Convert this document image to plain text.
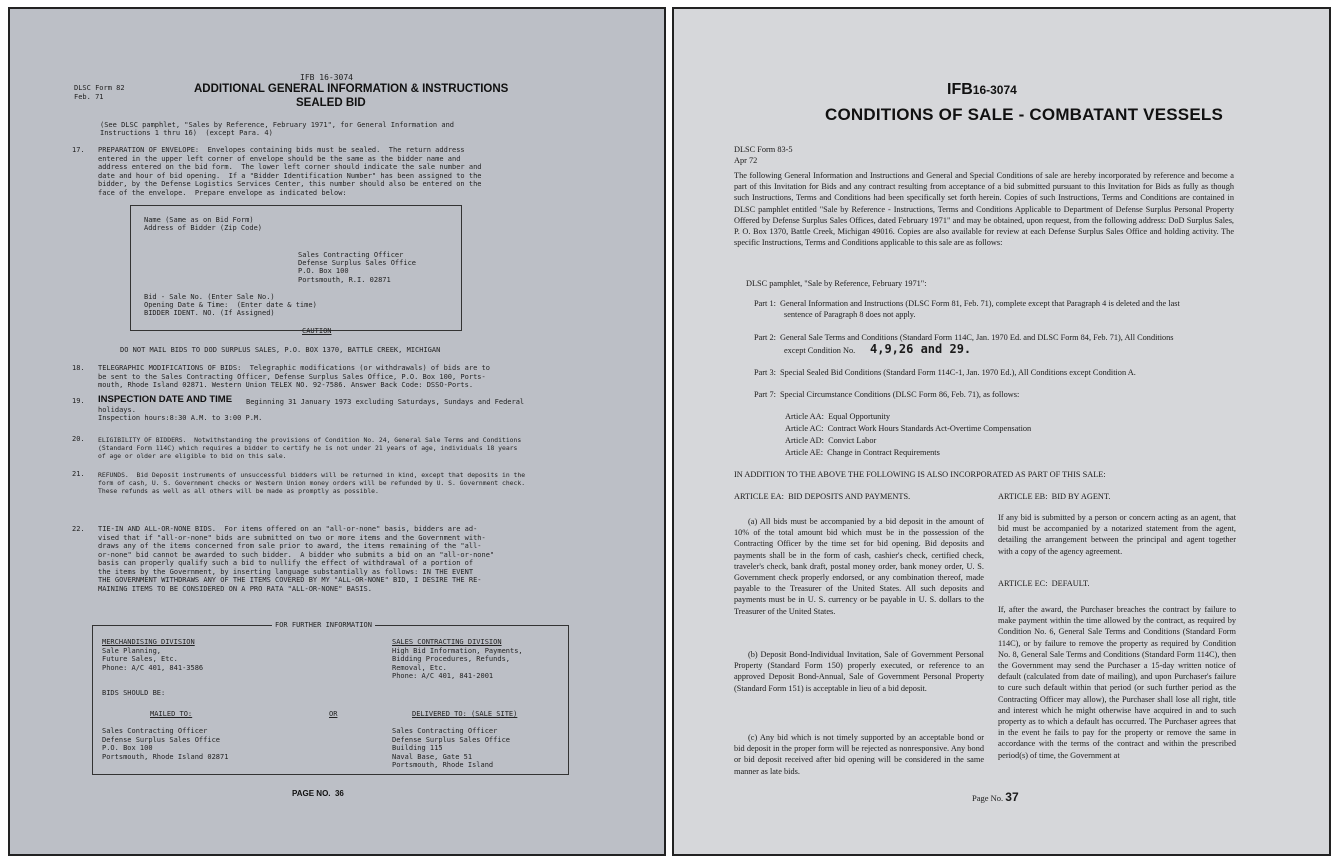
DLSC Form 82
Feb. 71
IFB 16-3074
ADDITIONAL GENERAL INFORMATION & INSTRUCTIONS
SEALED BID
(See DLSC pamphlet, "Sales by Reference, February 1971", for General Information and
Instructions 1 thru 16)  (except Para. 4)
17. PREPARATION OF ENVELOPE:  Envelopes containing bids must be sealed.  The return address
entered in the upper left corner of envelope should be the same as the bidder name and
address entered on the bid form.  The lower left corner should indicate the sale number and
date and hour of bid opening.  If a "Bidder Identification Number" has been assigned to the
bidder, by the Defense Logistics Services Center, this number should also be entered on the
face of the envelope.  Prepare envelope as indicated below:
Name (Same as on Bid Form)
Address of Bidder (Zip Code)
Sales Contracting Officer
Defense Surplus Sales Office
P.O. Box 100
Portsmouth, R.I. 02871
Bid - Sale No. (Enter Sale No.)
Opening Date & Time:  (Enter date & time)
BIDDER IDENT. NO. (If Assigned)
CAUTION
DO NOT MAIL BIDS TO DOD SURPLUS SALES, P.O. BOX 1370, BATTLE CREEK, MICHIGAN
18. TELEGRAPHIC MODIFICATIONS OF BIDS:  Telegraphic modifications (or withdrawals) of bids are to
be sent to the Sales Contracting Officer, Defense Surplus Sales Office, P.O. Box 100, Ports-
mouth, Rhode Island 02871. Western Union TELEX NO. 92-7586. Answer Back Code: DSSO-Ports.
19. INSPECTION DATE AND TIME Beginning 31 January 1973 excluding Saturdays, Sundays and Federal
holidays.
Inspection hours:8:30 A.M. to 3:00 P.M.
20. ELIGIBILITY OF BIDDERS.  Notwithstanding the provisions of Condition No. 24, General Sale Terms and Conditions
(Standard Form 114C) which requires a bidder to certify he is not under 21 years of age, individuals 18 years
of age or older are eligible to bid on this sale.
21. REFUNDS.  Bid Deposit instruments of unsuccessful bidders will be returned in kind, except that deposits in the
form of cash, U. S. Government checks or Western Union money orders will be refunded by U. S. Government check.
These refunds as well as all others will be made as promptly as possible.
22. TIE-IN AND ALL-OR-NONE BIDS.  For items offered on an "all-or-none" basis, bidders are ad-
vised that if "all-or-none" bids are submitted on two or more items and the Government with-
draws any of the items concerned from sale prior to award, the items remaining of the "all-
or-none" bid cannot be awarded to such bidder.  A bidder who submits a bid on an "all-or-none"
basis can properly qualify such a bid to nullify the effect of withdrawal of a portion of
the items by the Government, by inserting language substantially as follows: IN THE EVENT
THE GOVERNMENT WITHDRAWS ANY OF THE ITEMS COVERED BY MY "ALL-OR-NONE" BID, I DESIRE THE RE-
MAINING ITEMS TO BE CONSIDERED ON A PRO RATA "ALL-OR-NONE" BASIS.
FOR FURTHER INFORMATION
MERCHANDISING DIVISION
Sale Planning,
Future Sales, Etc.
Phone: A/C 401, 841-3586
SALES CONTRACTING DIVISION
High Bid Information, Payments,
Bidding Procedures, Refunds,
Removal, Etc.
Phone: A/C 401, 841-2001
BIDS SHOULD BE:
MAILED TO:	OR	DELIVERED TO: (SALE SITE)
Sales Contracting Officer
Defense Surplus Sales Office
P.O. Box 100
Portsmouth, Rhode Island 02871
Sales Contracting Officer
Defense Surplus Sales Office
Building 115
Naval Base, Gate 51
Portsmouth, Rhode Island
PAGE NO.  36
IFB16-3074
CONDITIONS OF SALE - COMBATANT VESSELS
DLSC Form 83-5
Apr 72
The following General Information and Instructions and General and Special Conditions of sale are hereby incorporated by reference and become a part of this Invitation for Bids and any contract resulting from acceptance of a bid submitted pursuant to this Invitation for Bids as fully as though such Instructions, Terms and Conditions had been specifically set forth herein. Copies of such Instructions, Terms and Conditions are contained in DLSC pamphlet entitled "Sale by Reference - Instructions, Terms and Conditions Applicable to Department of Defense Surplus Personal Property Offered by Defense Surplus Sales Offices, dated February 1971" and may be obtained, upon request, from the following address: DoD Surplus Sales, P. O. Box 1370, Battle Creek, Michigan 49016. Copies are also available for review at each Defense Surplus Sales Office and holding activity. The specific Instructions, Terms and Conditions applicable to this sale are as follows:
DLSC pamphlet, "Sale by Reference, February 1971":
Part 1:  General Information and Instructions (DLSC Form 81, Feb. 71), complete except that Paragraph 4 is deleted and the last
sentence of Paragraph 8 does not apply.
Part 2:  General Sale Terms and Conditions (Standard Form 114C, Jan. 1970 Ed. and DLSC Form 84, Feb. 71), All Conditions
except Condition No. 4,9,26 and 29.
Part 3:  Special Sealed Bid Conditions (Standard Form 114C-1, Jan. 1970 Ed.), All Conditions except Condition A.
Part 7:  Special Circumstance Conditions (DLSC Form 86, Feb. 71), as follows:
Article AA:  Equal Opportunity
Article AC:  Contract Work Hours Standards Act-Overtime Compensation
Article AD:  Convict Labor
Article AE:  Change in Contract Requirements
IN ADDITION TO THE ABOVE THE FOLLOWING IS ALSO INCORPORATED AS PART OF THIS SALE:
ARTICLE EA:  BID DEPOSITS AND PAYMENTS.
(a) All bids must be accompanied by a bid deposit in the amount of 10% of the total amount bid which must be in the possession of the Contracting Officer by the time set for bid opening. Bid deposits and payments shall be in the form of cash, cashier's check, certified check, traveler's check, bank draft, postal money order, bank money order, U. S. Government check properly endorsed, or any combination thereof, made payable to the Treasurer of the United States. All such deposits and payments must be in U. S. currency or be payable in U. S. dollars to the Treasurer of the United States.
(b) Deposit Bond-Individual Invitation, Sale of Government Personal Property (Standard Form 150) properly executed, or reference to an approved Deposit Bond-Annual, Sale of Government Personal Property (Standard Form 151) is acceptable in lieu of a bid deposit.
(c) Any bid which is not timely supported by an acceptable bond or bid deposit in the proper form will be rejected as nonresponsive. Any bond or bid deposit received after bid opening will be considered in the same manner as late bids.
ARTICLE EB:  BID BY AGENT.
If any bid is submitted by a person or concern acting as an agent, that bid must be accompanied by a notarized statement from the agent, detailing the arrangement between the principal and agent together with a copy of the agency agreement.
ARTICLE EC:  DEFAULT.
If, after the award, the Purchaser breaches the contract by failure to make payment within the time allowed by the contract, as required by Condition No. 6, General Sale Terms and Conditions (Standard Form 114C), or by failure to remove the property as required by Condition No. 8, General Sale Terms and Conditions (Standard Form 114C), then the Government may send the Purchaser a 15-day written notice of default (calculated from date of mailing), and upon Purchaser's failure to cure such default within that period (or such further period as the Contracting Officer may allow), the Purchaser shall lose all right, title and interest which he might otherwise have acquired in and to such property as to which a default has occurred. The Purchaser agrees that in the event he fails to pay for the property or remove the same in accordance with the terms of the contract and within the prescribed period(s) of time, the Government at
Page No. 37
